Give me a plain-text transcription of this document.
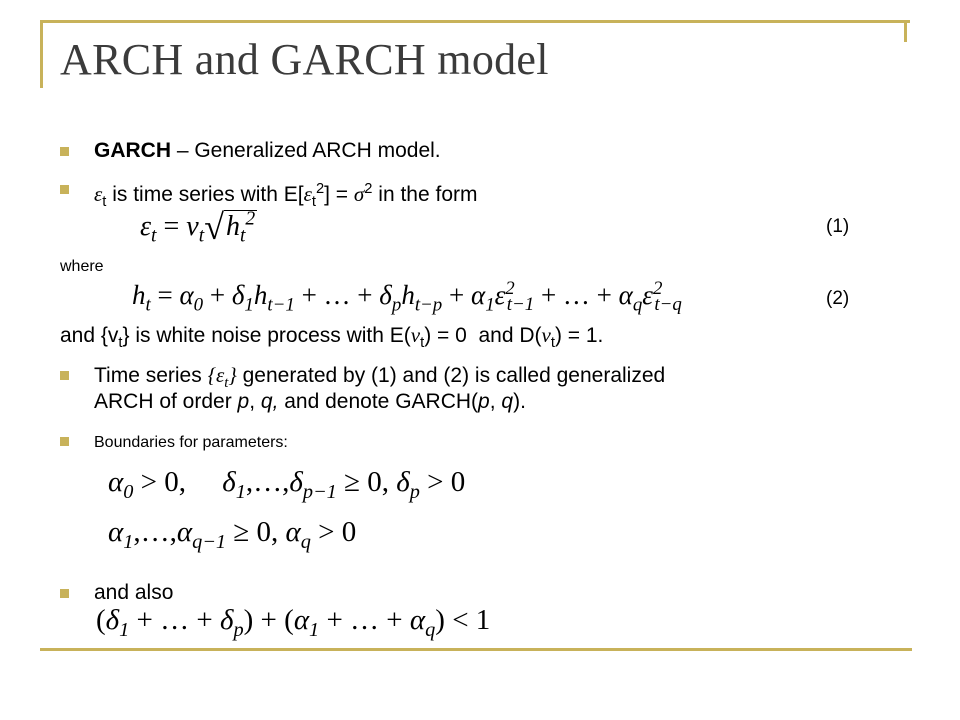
ARCH and GARCH model
GARCH – Generalized ARCH model.
$\varepsilon_t$ is time series with $E[\varepsilon_t^2] = \sigma^2$ in the form
$\varepsilon_t = \nu_t√h_t^2$	(1)
where
$h_t = \alpha_0 + \delta_1h_{t-1}$ + … + $\delta_ph_{t-p} + \alpha_1\varepsilon^2_{t-1}$ + … + $\alpha_q\varepsilon^2_{t-q}$	(2)
and $\{v_t\}$ is white noise process with $E(\nu_t) = 0$  and $D(\nu_t) = 1$.
Time series $\{\varepsilon_t\}$ generated by (1) and (2) is called generalized
ARCH of order p, q, and denote GARCH(p, q).
Boundaries for parameters:
$\alpha_0 > 0$,     $\delta_1,\dots,\delta_{p-1} \ge 0$, $\delta_p > 0$
$\alpha_1,\dots,\alpha_{q-1} \ge 0$, $\alpha_q > 0$
and also
($\delta_1$ + … + $\delta_p) + (\alpha_1$ + … + $\alpha_q) < 1$
